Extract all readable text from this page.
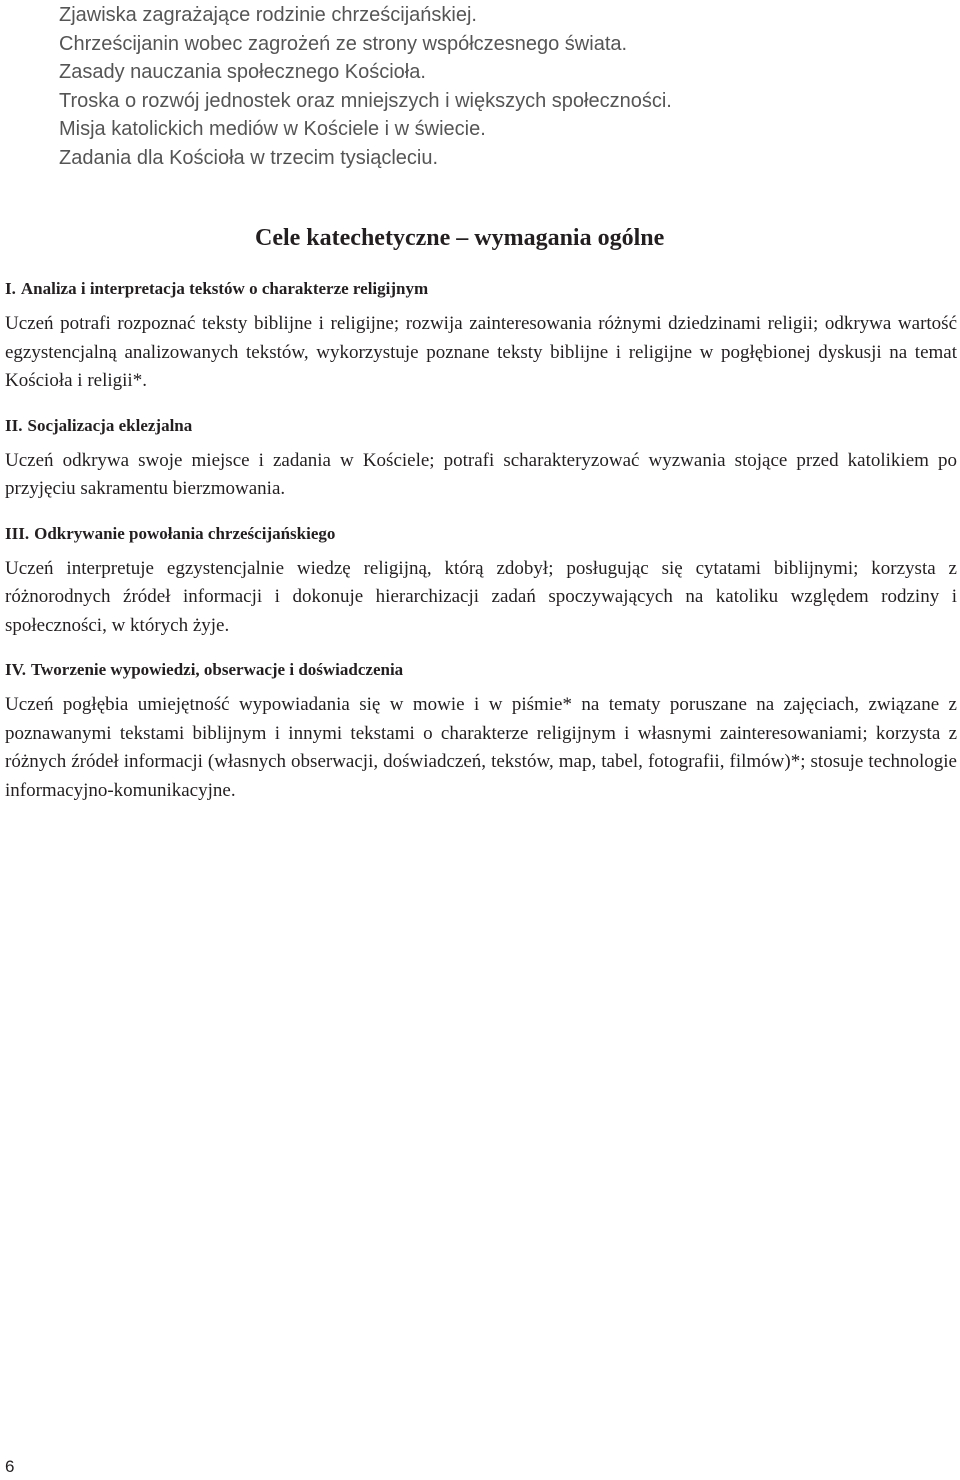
Zjawiska zagrażające rodzinie chrześcijańskiej.
Chrześcijanin wobec zagrożeń ze strony współczesnego świata.
Zasady nauczania społecznego Kościoła.
Troska o rozwój jednostek oraz mniejszych i większych społeczności.
Misja katolickich mediów w Kościele i w świecie.
Zadania dla Kościoła w trzecim tysiącleciu.
Cele katechetyczne – wymagania ogólne
I. Analiza i interpretacja tekstów o charakterze religijnym

Uczeń potrafi rozpoznać teksty biblijne i religijne; rozwija zainteresowania różnymi dziedzinami religii; odkrywa wartość egzystencjalną analizowanych tekstów, wykorzystuje poznane teksty biblijne i religijne w pogłębionej dyskusji na temat Kościoła i religii*.

II. Socjalizacja eklezjalna

Uczeń odkrywa swoje miejsce i zadania w Kościele; potrafi scharakteryzować wyzwania stojące przed katolikiem po przyjęciu sakramentu bierzmowania.

III. Odkrywanie powołania chrześcijańskiego

Uczeń interpretuje egzystencjalnie wiedzę religijną, którą zdobył; posługując się cytatami biblijnymi; korzysta z różnorodnych źródeł informacji i dokonuje hierarchizacji zadań spoczywających na katoliku względem rodziny i społeczności, w których żyje.

IV. Tworzenie wypowiedzi, obserwacje i doświadczenia

Uczeń pogłębia umiejętność wypowiadania się w mowie i w piśmie* na tematy poruszane na zajęciach, związane z poznawanymi tekstami biblijnym i innymi tekstami o charakterze religijnym i własnymi zainteresowaniami; korzysta z różnych źródeł informacji (własnych obserwacji, doświadczeń, tekstów, map, tabel, fotografii, filmów)*; stosuje technologie informacyjno-komunikacyjne.

6
